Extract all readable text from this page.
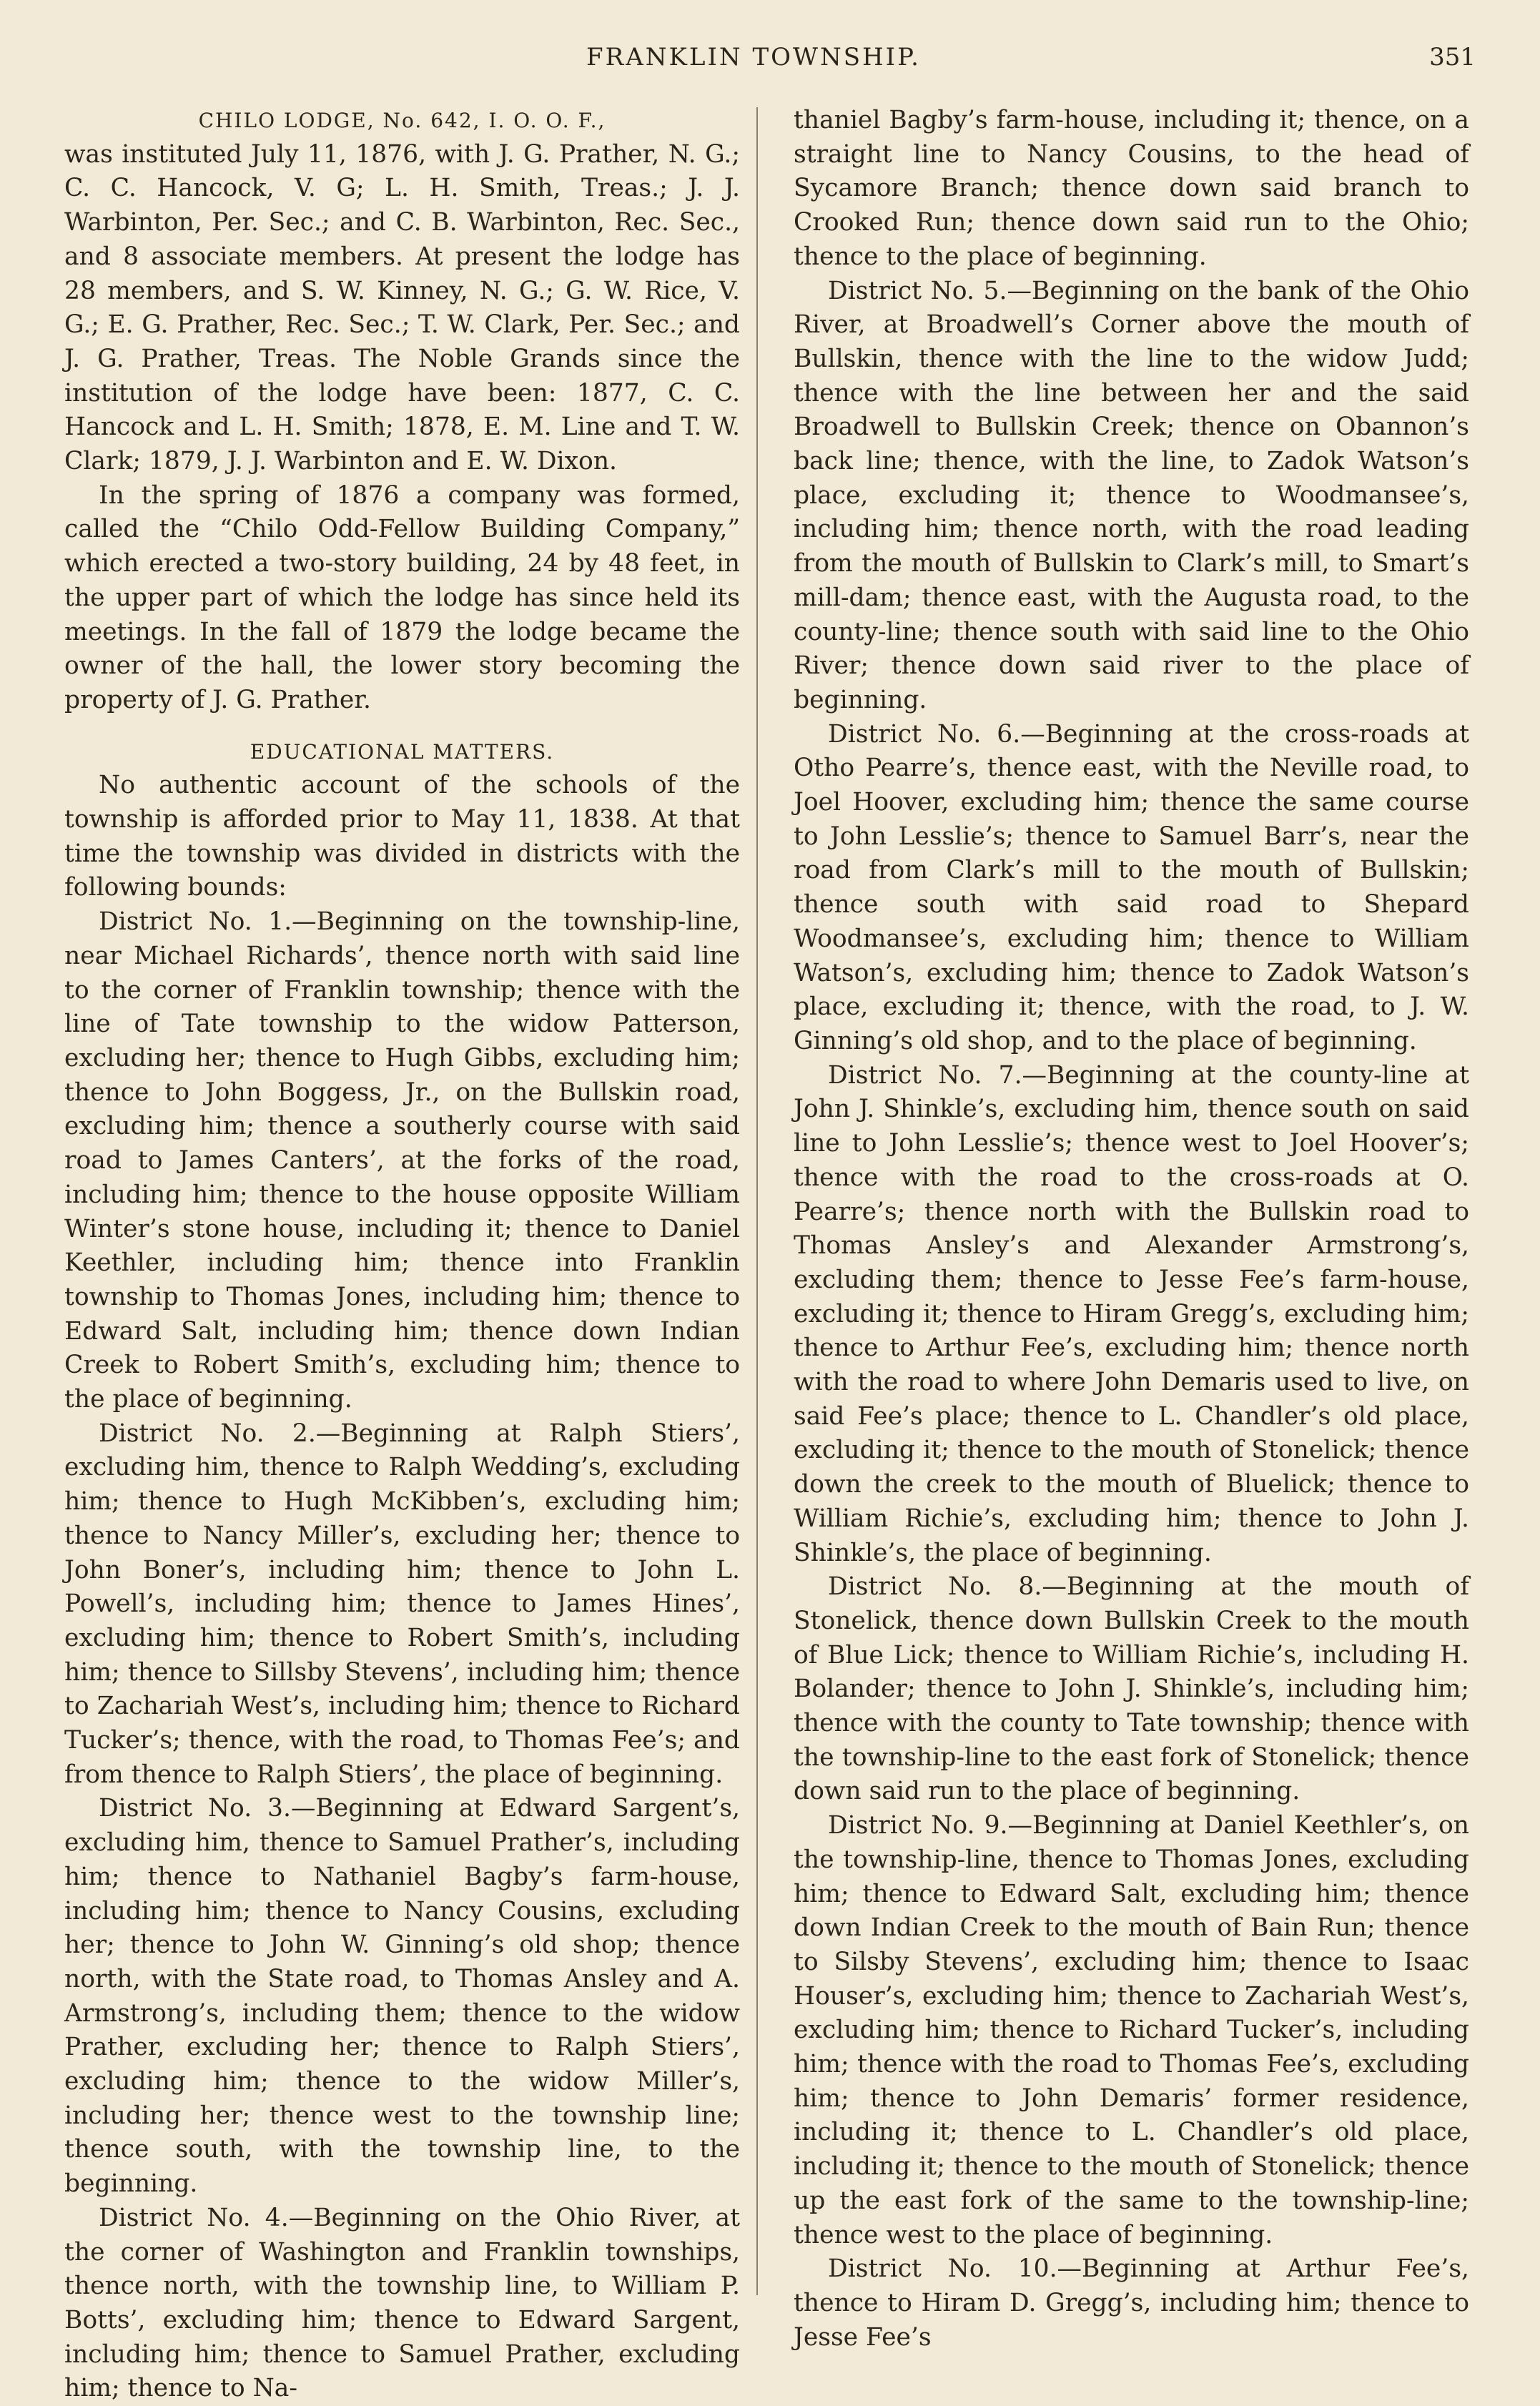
FRANKLIN TOWNSHIP.	351
CHILO LODGE, No. 642, I. O. O. F.,

was instituted July 11, 1876, with J. G. Prather, N. G.; C. C. Hancock, V. G; L. H. Smith, Treas.; J. J. Warbinton, Per. Sec.; and C. B. Warbinton, Rec. Sec., and 8 associate members. At present the lodge has 28 members, and S. W. Kinney, N. G.; G. W. Rice, V. G.; E. G. Prather, Rec. Sec.; T. W. Clark, Per. Sec.; and J. G. Prather, Treas. The Noble Grands since the institution of the lodge have been: 1877, C. C. Hancock and L. H. Smith; 1878, E. M. Line and T. W. Clark; 1879, J. J. Warbinton and E. W. Dixon.

In the spring of 1876 a company was formed, called the “Chilo Odd-Fellow Building Company,” which erected a two-story building, 24 by 48 feet, in the upper part of which the lodge has since held its meetings. In the fall of 1879 the lodge became the owner of the hall, the lower story becoming the property of J. G. Prather.

EDUCATIONAL MATTERS.

No authentic account of the schools of the township is afforded prior to May 11, 1838. At that time the township was divided in districts with the following bounds:

District No. 1.—Beginning on the township-line, near Michael Richards’, thence north with said line to the corner of Franklin township; thence with the line of Tate township to the widow Patterson, excluding her; thence to Hugh Gibbs, excluding him; thence to John Boggess, Jr., on the Bullskin road, excluding him; thence a southerly course with said road to James Canters’, at the forks of the road, including him; thence to the house opposite William Winter’s stone house, including it; thence to Daniel Keethler, including him; thence into Franklin township to Thomas Jones, including him; thence to Edward Salt, including him; thence down Indian Creek to Robert Smith’s, excluding him; thence to the place of beginning.

District No. 2.—Beginning at Ralph Stiers’, excluding him, thence to Ralph Wedding’s, excluding him; thence to Hugh McKibben’s, excluding him; thence to Nancy Miller’s, excluding her; thence to John Boner’s, including him; thence to John L. Powell’s, including him; thence to James Hines’, excluding him; thence to Robert Smith’s, including him; thence to Sillsby Stevens’, including him; thence to Zachariah West’s, including him; thence to Richard Tucker’s; thence, with the road, to Thomas Fee’s; and from thence to Ralph Stiers’, the place of beginning.

District No. 3.—Beginning at Edward Sargent’s, excluding him, thence to Samuel Prather’s, including him; thence to Nathaniel Bagby’s farm-house, including him; thence to Nancy Cousins, excluding her; thence to John W. Ginning’s old shop; thence north, with the State road, to Thomas Ansley and A. Armstrong’s, including them; thence to the widow Prather, excluding her; thence to Ralph Stiers’, excluding him; thence to the widow Miller’s, including her; thence west to the township line; thence south, with the township line, to the beginning.

District No. 4.—Beginning on the Ohio River, at the corner of Washington and Franklin townships, thence north, with the township line, to William P. Botts’, excluding him; thence to Edward Sargent, including him; thence to Samuel Prather, excluding him; thence to Na-

thaniel Bagby’s farm-house, including it; thence, on a straight line to Nancy Cousins, to the head of Sycamore Branch; thence down said branch to Crooked Run; thence down said run to the Ohio; thence to the place of beginning.

District No. 5.—Beginning on the bank of the Ohio River, at Broadwell’s Corner above the mouth of Bullskin, thence with the line to the widow Judd; thence with the line between her and the said Broadwell to Bullskin Creek; thence on Obannon’s back line; thence, with the line, to Zadok Watson’s place, excluding it; thence to Woodmansee’s, including him; thence north, with the road leading from the mouth of Bullskin to Clark’s mill, to Smart’s mill-dam; thence east, with the Augusta road, to the county-line; thence south with said line to the Ohio River; thence down said river to the place of beginning.

District No. 6.—Beginning at the cross-roads at Otho Pearre’s, thence east, with the Neville road, to Joel Hoover, excluding him; thence the same course to John Lesslie’s; thence to Samuel Barr’s, near the road from Clark’s mill to the mouth of Bullskin; thence south with said road to Shepard Woodmansee’s, excluding him; thence to William Watson’s, excluding him; thence to Zadok Watson’s place, excluding it; thence, with the road, to J. W. Ginning’s old shop, and to the place of beginning.

District No. 7.—Beginning at the county-line at John J. Shinkle’s, excluding him, thence south on said line to John Lesslie’s; thence west to Joel Hoover’s; thence with the road to the cross-roads at O. Pearre’s; thence north with the Bullskin road to Thomas Ansley’s and Alexander Armstrong’s, excluding them; thence to Jesse Fee’s farm-house, excluding it; thence to Hiram Gregg’s, excluding him; thence to Arthur Fee’s, excluding him; thence north with the road to where John Demaris used to live, on said Fee’s place; thence to L. Chandler’s old place, excluding it; thence to the mouth of Stonelick; thence down the creek to the mouth of Bluelick; thence to William Richie’s, excluding him; thence to John J. Shinkle’s, the place of beginning.

District No. 8.—Beginning at the mouth of Stonelick, thence down Bullskin Creek to the mouth of Blue Lick; thence to William Richie’s, including H. Bolander; thence to John J. Shinkle’s, including him; thence with the county to Tate township; thence with the township-line to the east fork of Stonelick; thence down said run to the place of beginning.

District No. 9.—Beginning at Daniel Keethler’s, on the township-line, thence to Thomas Jones, excluding him; thence to Edward Salt, excluding him; thence down Indian Creek to the mouth of Bain Run; thence to Silsby Stevens’, excluding him; thence to Isaac Houser’s, excluding him; thence to Zachariah West’s, excluding him; thence to Richard Tucker’s, including him; thence with the road to Thomas Fee’s, excluding him; thence to John Demaris’ former residence, including it; thence to L. Chandler’s old place, including it; thence to the mouth of Stonelick; thence up the east fork of the same to the township-line; thence west to the place of beginning.

District No. 10.—Beginning at Arthur Fee’s, thence to Hiram D. Gregg’s, including him; thence to Jesse Fee’s
